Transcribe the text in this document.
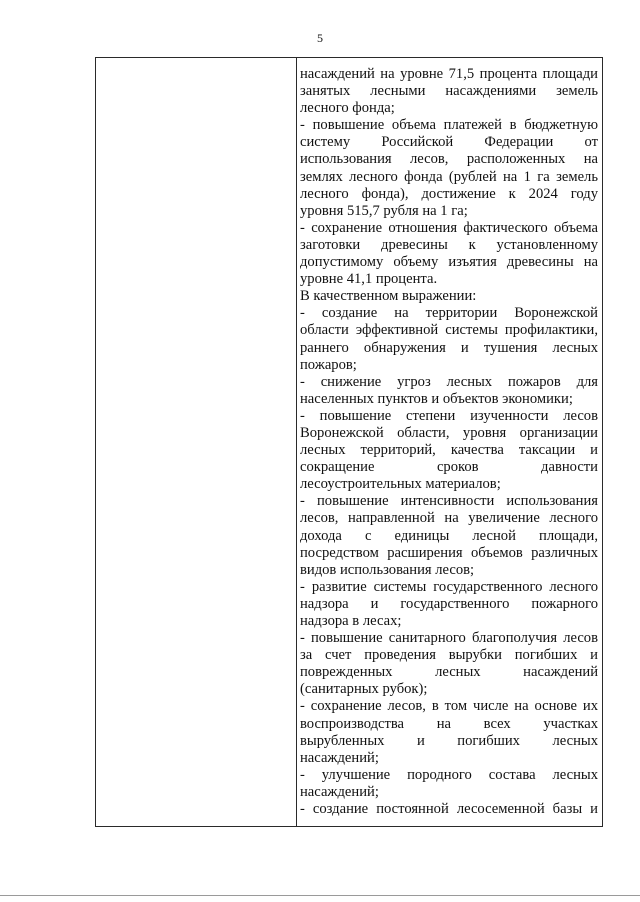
5
насаждений на уровне 71,5 процента площади
занятых лесными насаждениями земель
лесного фонда;
- повышение объема платежей в бюджетную
систему Российской Федерации от
использования лесов, расположенных на
землях лесного фонда (рублей на 1 га земель
лесного фонда), достижение к 2024 году
уровня 515,7 рубля на 1 га;
- сохранение отношения фактического объема
заготовки древесины к установленному
допустимому объему изъятия древесины на
уровне 41,1 процента.
В качественном выражении:
- создание на территории Воронежской
области эффективной системы профилактики,
раннего обнаружения и тушения лесных
пожаров;
- снижение угроз лесных пожаров для
населенных пунктов и объектов экономики;
- повышение степени изученности лесов
Воронежской области, уровня организации
лесных территорий, качества таксации и
сокращение сроков давности
лесоустроительных материалов;
- повышение интенсивности использования
лесов, направленной на увеличение лесного
дохода с единицы лесной площади,
посредством расширения объемов различных
видов использования лесов;
- развитие системы государственного лесного
надзора и государственного пожарного
надзора в лесах;
- повышение санитарного благополучия лесов
за счет проведения вырубки погибших и
поврежденных лесных насаждений
(санитарных рубок);
- сохранение лесов, в том числе на основе их
воспроизводства на всех участках
вырубленных и погибших лесных
насаждений;
- улучшение породного состава лесных
насаждений;
- создание постоянной лесосеменной базы и
